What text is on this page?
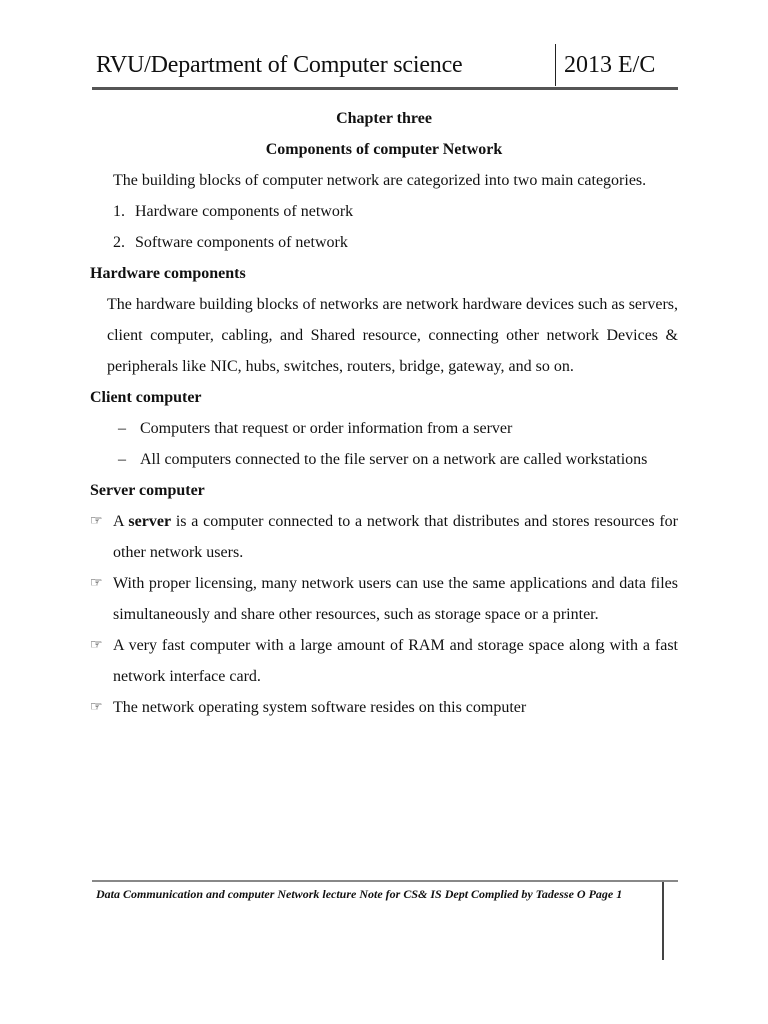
RVU/Department of Computer science	2013 E/C

Chapter three

Components of computer Network

The building blocks of computer network are categorized into two main categories.

1. Hardware components of network
2. Software components of network
Hardware components

The hardware building blocks of networks are network hardware devices such as servers, client computer, cabling, and Shared resource, connecting other network Devices & peripherals like NIC, hubs, switches, routers, bridge, gateway, and so on.

Client computer
– Computers that request or order information from a server
– All computers connected to the file server on a network are called workstations
Server computer
☞ A server is a computer connected to a network that distributes and stores resources for other network users.
☞ With proper licensing, many network users can use the same applications and data files simultaneously and share other resources, such as storage space or a printer.
☞ A very fast computer with a large amount of RAM and storage space along with a fast network interface card.
☞ The network operating system software resides on this computer
Data Communication and computer Network lecture Note for CS& IS Dept Complied by Tadesse O Page 1
